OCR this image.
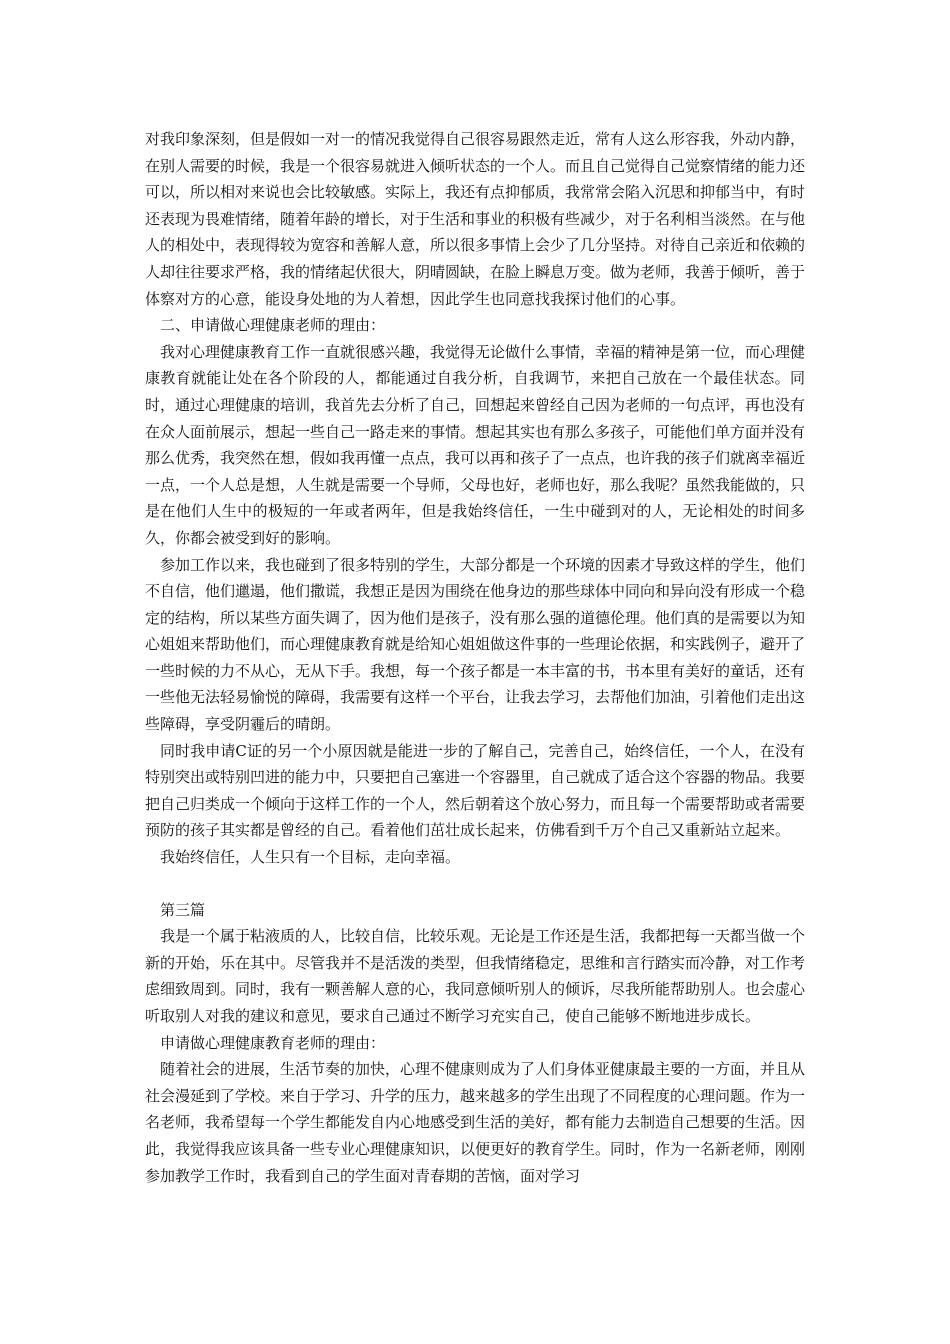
对我印象深刻，但是假如一对一的情况我觉得自己很容易跟然走近，常有人这么形容我，外动内静，在别人需要的时候，我是一个很容易就进入倾听状态的一个人。而且自己觉得自己觉察情绪的能力还可以，所以相对来说也会比较敏感。实际上，我还有点抑郁质，我常常会陷入沉思和抑郁当中，有时还表现为畏难情绪，随着年龄的增长，对于生活和事业的积极有些减少，对于名利相当淡然。在与他人的相处中，表现得较为宽容和善解人意，所以很多事情上会少了几分坚持。对待自己亲近和依赖的人却往往要求严格，我的情绪起伏很大，阴晴圆缺，在脸上瞬息万变。做为老师，我善于倾听，善于体察对方的心意，能设身处地的为人着想，因此学生也同意找我探讨他们的心事。

二、申请做心理健康老师的理由：

我对心理健康教育工作一直就很感兴趣，我觉得无论做什么事情，幸福的精神是第一位，而心理健康教育就能让处在各个阶段的人，都能通过自我分析，自我调节，来把自己放在一个最佳状态。同时，通过心理健康的培训，我首先去分析了自己，回想起来曾经自己因为老师的一句点评，再也没有在众人面前展示，想起一些自己一路走来的事情。想起其实也有那么多孩子，可能他们单方面并没有那么优秀，我突然在想，假如我再懂一点点，我可以再和孩子了一点点，也许我的孩子们就离幸福近一点，一个人总是想，人生就是需要一个导师，父母也好，老师也好，那么我呢？虽然我能做的，只是在他们人生中的极短的一年或者两年，但是我始终信任，一生中碰到对的人，无论相处的时间多久，你都会被受到好的影响。

参加工作以来，我也碰到了很多特别的学生，大部分都是一个环境的因素才导致这样的学生，他们不自信，他们邋遢，他们撒谎，我想正是因为围绕在他身边的那些球体中同向和异向没有形成一个稳定的结构，所以某些方面失调了，因为他们是孩子，没有那么强的道德伦理。他们真的是需要以为知心姐姐来帮助他们，而心理健康教育就是给知心姐姐做这件事的一些理论依据，和实践例子，避开了一些时候的力不从心，无从下手。我想，每一个孩子都是一本丰富的书，书本里有美好的童话，还有一些他无法轻易愉悦的障碍，我需要有这样一个平台，让我去学习，去帮他们加油，引着他们走出这些障碍，享受阴霾后的晴朗。

同时我申请C证的另一个小原因就是能进一步的了解自己，完善自己，始终信任，一个人，在没有特别突出或特别凹进的能力中，只要把自己塞进一个容器里，自己就成了适合这个容器的物品。我要把自己归类成一个倾向于这样工作的一个人，然后朝着这个放心努力，而且每一个需要帮助或者需要预防的孩子其实都是曾经的自己。看着他们茁壮成长起来，仿佛看到千万个自己又重新站立起来。

我始终信任，人生只有一个目标，走向幸福。

第三篇

我是一个属于粘液质的人，比较自信，比较乐观。无论是工作还是生活，我都把每一天都当做一个新的开始，乐在其中。尽管我并不是活泼的类型，但我情绪稳定，思维和言行踏实而冷静，对工作考虑细致周到。同时，我有一颗善解人意的心，我同意倾听别人的倾诉，尽我所能帮助别人。也会虚心听取别人对我的建议和意见，要求自己通过不断学习充实自己，使自己能够不断地进步成长。

申请做心理健康教育老师的理由：

随着社会的进展，生活节奏的加快，心理不健康则成为了人们身体亚健康最主要的一方面，并且从社会漫延到了学校。来自于学习、升学的压力，越来越多的学生出现了不同程度的心理问题。作为一名老师，我希望每一个学生都能发自内心地感受到生活的美好，都有能力去制造自己想要的生活。因此，我觉得我应该具备一些专业心理健康知识，以便更好的教育学生。同时，作为一名新老师，刚刚参加教学工作时，我看到自己的学生面对青春期的苦恼，面对学习
